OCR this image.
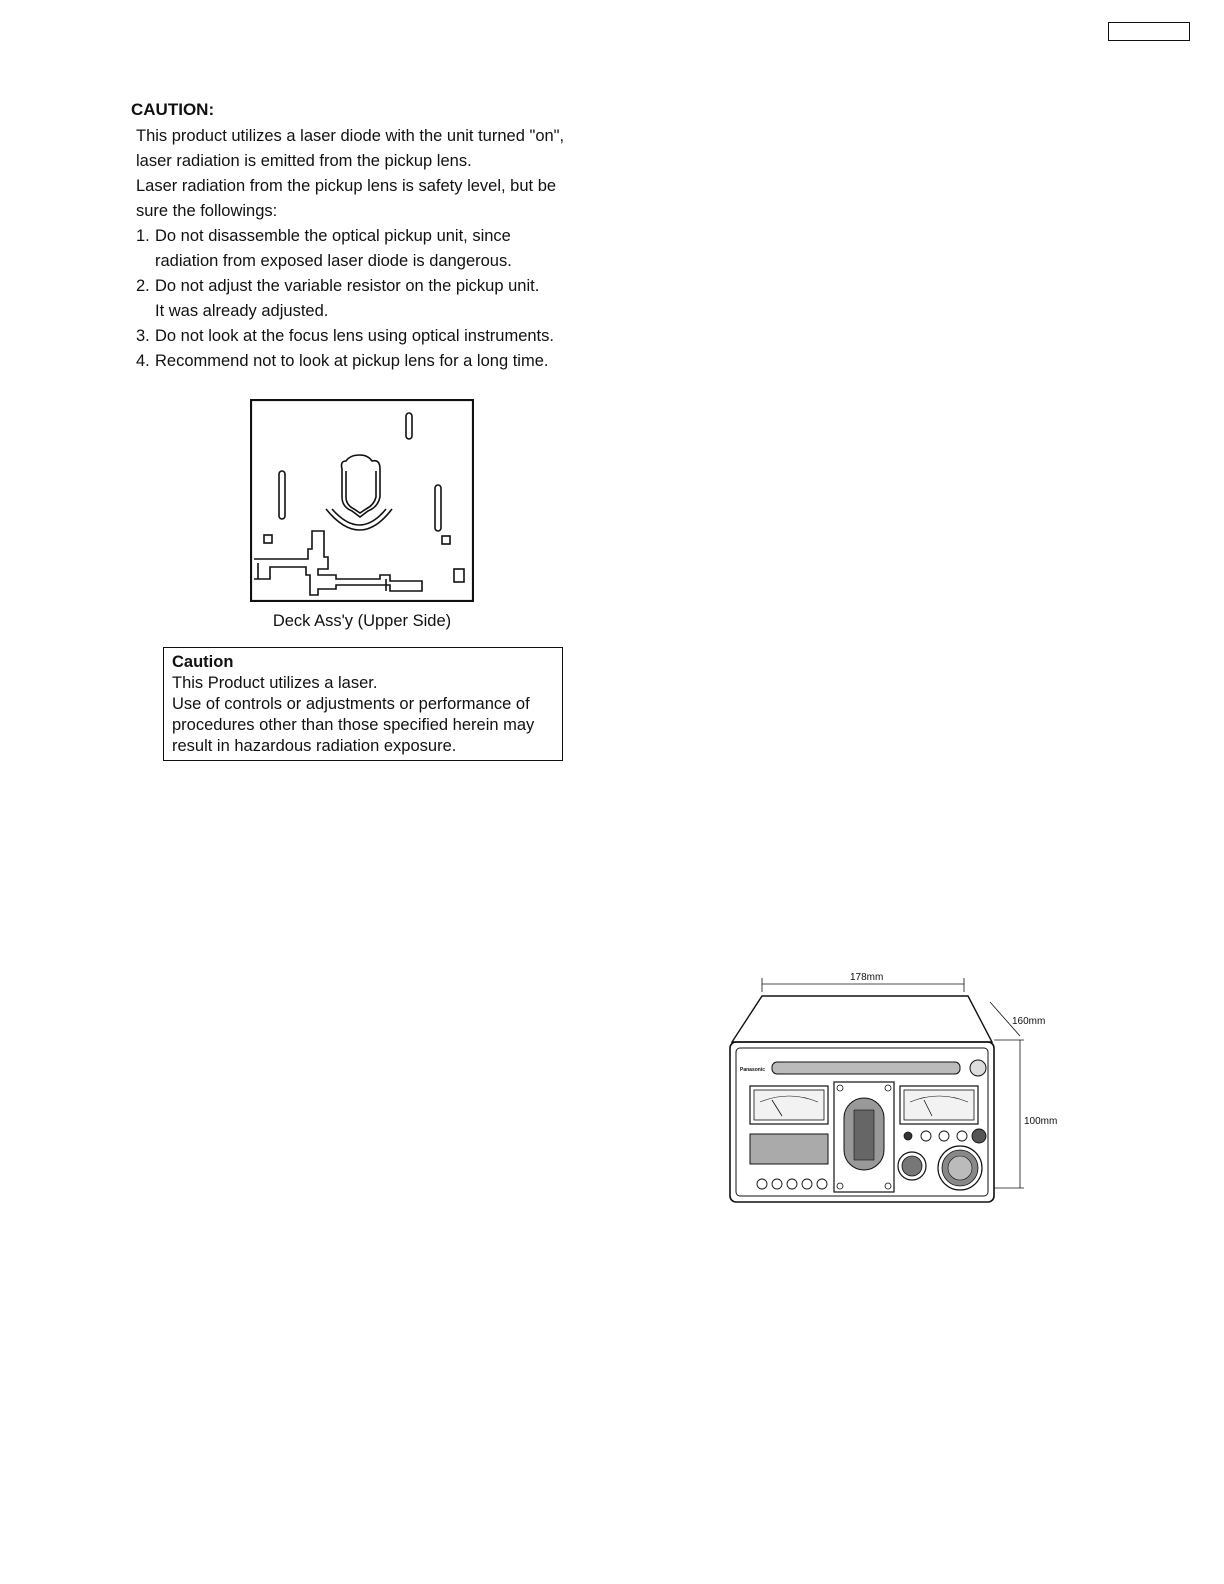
CAUTION:
This product utilizes a laser diode with the unit turned "on",
laser radiation is emitted from the pickup lens.
Laser radiation from the pickup lens is safety level, but be
sure the followings:
1. Do not disassemble the optical pickup unit, since
radiation from exposed laser diode is dangerous.
2. Do not adjust the variable resistor on the pickup unit.
It was already adjusted.
3. Do not look at the focus lens using optical instruments.
4. Recommend not to look at pickup lens for a long time.
Deck Ass'y (Upper Side)
Caution
This Product utilizes a laser.
Use of controls or adjustments or performance of
procedures other than those specified herein may
result in hazardous radiation exposure.
178mm
160mm
100mm
Panasonic
